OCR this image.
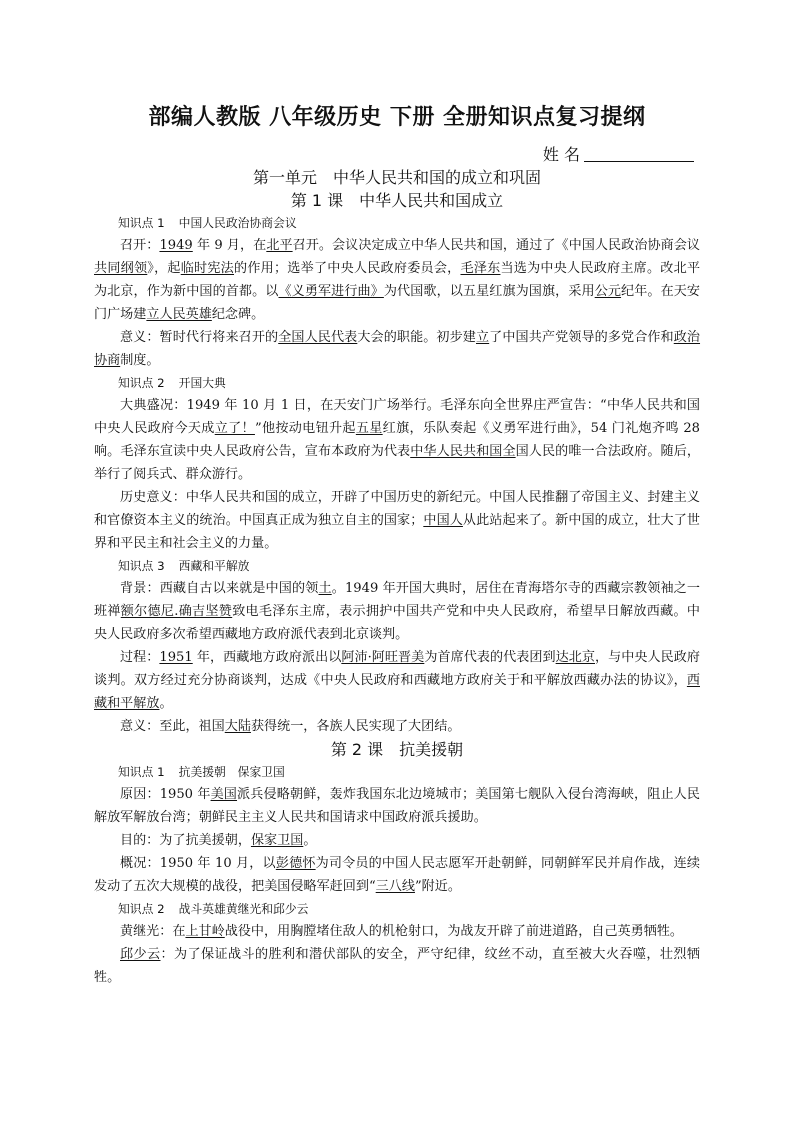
部编人教版 八年级历史 下册 全册知识点复习提纲
姓 名
第一单元　中华人民共和国的成立和巩固
第 1 课　中华人民共和国成立
知识点 1 中国人民政治协商会议

召开：1949 年 9 月，在北平召开。会议决定成立中华人民共和国，通过了《中国人民政治协商会议共同纲领》，起临时宪法的作用；选举了中央人民政府委员会，毛泽东当选为中央人民政府主席。改北平为北京，作为新中国的首都。以《义勇军进行曲》为代国歌，以五星红旗为国旗，采用公元纪年。在天安门广场建立人民英雄纪念碑。

意义：暂时代行将来召开的全国人民代表大会的职能。初步建立了中国共产党领导的多党合作和政治协商制度。

知识点 2 开国大典

大典盛况：1949 年 10 月 1 日，在天安门广场举行。毛泽东向全世界庄严宣告：“中华人民共和国中央人民政府今天成立了！”他按动电钮升起五星红旗，乐队奏起《义勇军进行曲》，54 门礼炮齐鸣 28 响。毛泽东宣读中央人民政府公告，宣布本政府为代表中华人民共和国全国人民的唯一合法政府。随后，举行了阅兵式、群众游行。

历史意义：中华人民共和国的成立，开辟了中国历史的新纪元。中国人民推翻了帝国主义、封建主义和官僚资本主义的统治。中国真正成为独立自主的国家；中国人从此站起来了。新中国的成立，壮大了世界和平民主和社会主义的力量。

知识点 3 西藏和平解放

背景：西藏自古以来就是中国的领土。1949 年开国大典时，居住在青海塔尔寺的西藏宗教领袖之一班禅额尔德尼.确吉坚赞致电毛泽东主席，表示拥护中国共产党和中央人民政府，希望早日解放西藏。中央人民政府多次希望西藏地方政府派代表到北京谈判。

过程：1951 年，西藏地方政府派出以阿沛·阿旺晋美为首席代表的代表团到达北京，与中央人民政府谈判。双方经过充分协商谈判，达成《中央人民政府和西藏地方政府关于和平解放西藏办法的协议》，西藏和平解放。

意义：至此，祖国大陆获得统一，各族人民实现了大团结。

第 2 课　抗美援朝
知识点 1 抗美援朝　保家卫国

原因：1950 年美国派兵侵略朝鲜，轰炸我国东北边境城市；美国第七舰队入侵台湾海峡，阻止人民解放军解放台湾；朝鲜民主主义人民共和国请求中国政府派兵援助。

目的：为了抗美援朝，保家卫国。

概况：1950 年 10 月，以彭德怀为司令员的中国人民志愿军开赴朝鲜，同朝鲜军民并肩作战，连续发动了五次大规模的战役，把美国侵略军赶回到“三八线”附近。

知识点 2 战斗英雄黄继光和邱少云

黄继光：在上甘岭战役中，用胸膛堵住敌人的机枪射口，为战友开辟了前进道路，自己英勇牺牲。

邱少云：为了保证战斗的胜利和潜伏部队的安全，严守纪律，纹丝不动，直至被大火吞噬，壮烈牺牲。
